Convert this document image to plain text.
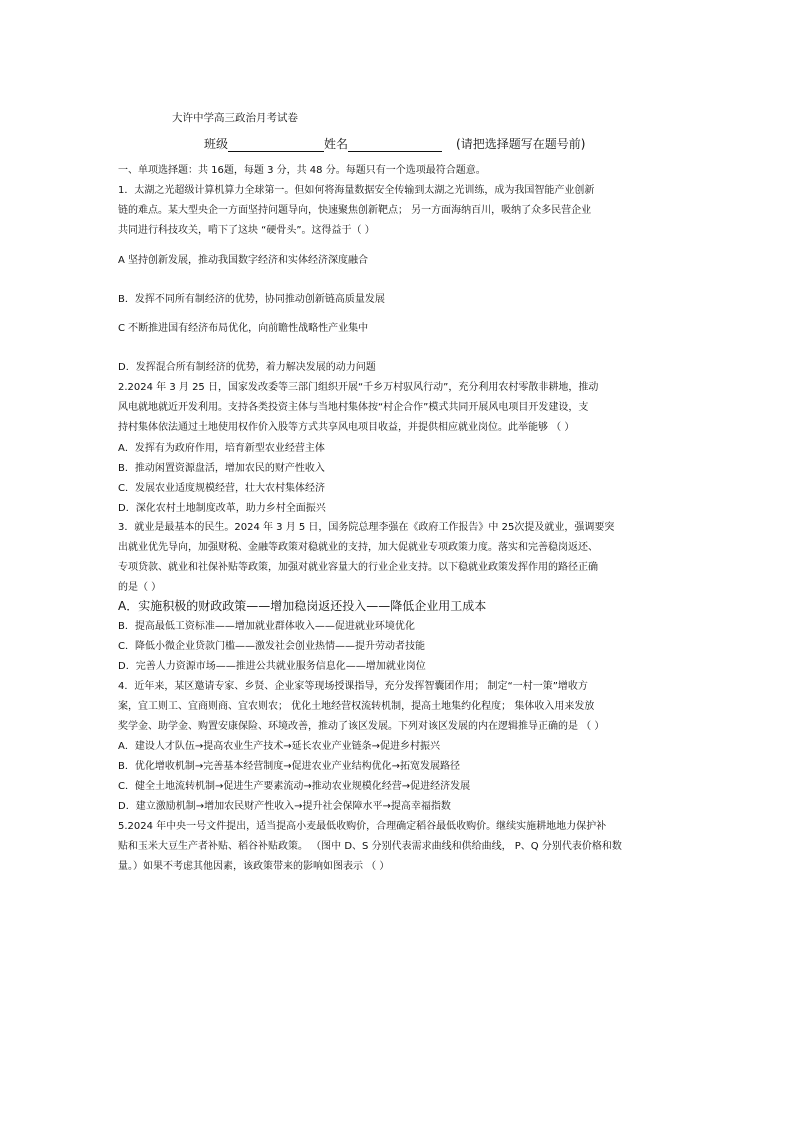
大许中学高三政治月考试卷
班级	姓名	(请把选择题写在题号前)
一、单项选择题：共 16题，每题 3 分，共 48 分。每题只有一个选项最符合题意。
1．太湖之光超级计算机算力全球第一。但如何将海量数据安全传输到太湖之光训练，成为我国智能产业创新
链的难点。某大型央企一方面坚持问题导向，快速聚焦创新靶点； 另一方面海纳百川，吸纳了众多民营企业
共同进行科技攻关，啃下了这块 “硬骨头”。这得益于（ ）
A 坚持创新发展，推动我国数字经济和实体经济深度融合
B．发挥不同所有制经济的优势，协同推动创新链高质量发展
C 不断推进国有经济布局优化，向前瞻性战略性产业集中
D．发挥混合所有制经济的优势，着力解决发展的动力问题
2.2024 年 3 月 25 日，国家发改委等三部门组织开展“千乡万村驭风行动”，充分利用农村零散非耕地，推动
风电就地就近开发利用。支持各类投资主体与当地村集体按“村企合作”模式共同开展风电项目开发建设，支
持村集体依法通过土地使用权作价入股等方式共享风电项目收益，并提供相应就业岗位。此举能够 （ ）
A．发挥有为政府作用，培育新型农业经营主体
B．推动闲置资源盘活，增加农民的财产性收入
C．发展农业适度规模经营，壮大农村集体经济
D．深化农村土地制度改革，助力乡村全面振兴
3．就业是最基本的民生。2024 年 3 月 5 日，国务院总理李强在《政府工作报告》中 25次提及就业，强调要突
出就业优先导向，加强财税、金融等政策对稳就业的支持，加大促就业专项政策力度。落实和完善稳岗返还、
专项贷款、就业和社保补贴等政策，加强对就业容量大的行业企业支持。以下稳就业政策发挥作用的路径正确
的是（ ）
A．实施积极的财政政策——增加稳岗返还投入——降低企业用工成本
B．提高最低工资标准——增加就业群体收入——促进就业环境优化
C．降低小微企业贷款门槛——激发社会创业热情——提升劳动者技能
D．完善人力资源市场——推进公共就业服务信息化——增加就业岗位
4．近年来，某区邀请专家、乡贤、企业家等现场授课指导，充分发挥智囊团作用； 制定“一村一策”增收方
案，宜工则工、宜商则商、宜农则农； 优化土地经营权流转机制，提高土地集约化程度； 集体收入用来发放
奖学金、助学金、购置安康保险、环境改善，推动了该区发展。下列对该区发展的内在逻辑推导正确的是 （ ）
A．建设人才队伍→提高农业生产技术→延长农业产业链条→促进乡村振兴
B．优化增收机制→完善基本经营制度→促进农业产业结构优化→拓宽发展路径
C．健全土地流转机制→促进生产要素流动→推动农业规模化经营→促进经济发展
D．建立激励机制→增加农民财产性收入→提升社会保障水平→提高幸福指数
5.2024 年中央一号文件提出，适当提高小麦最低收购价，合理确定稻谷最低收购价。继续实施耕地地力保护补
贴和玉米大豆生产者补贴、稻谷补贴政策。 （图中 D、S 分别代表需求曲线和供给曲线， P、Q 分别代表价格和数
量。）如果不考虑其他因素，该政策带来的影响如图表示 （ ）
